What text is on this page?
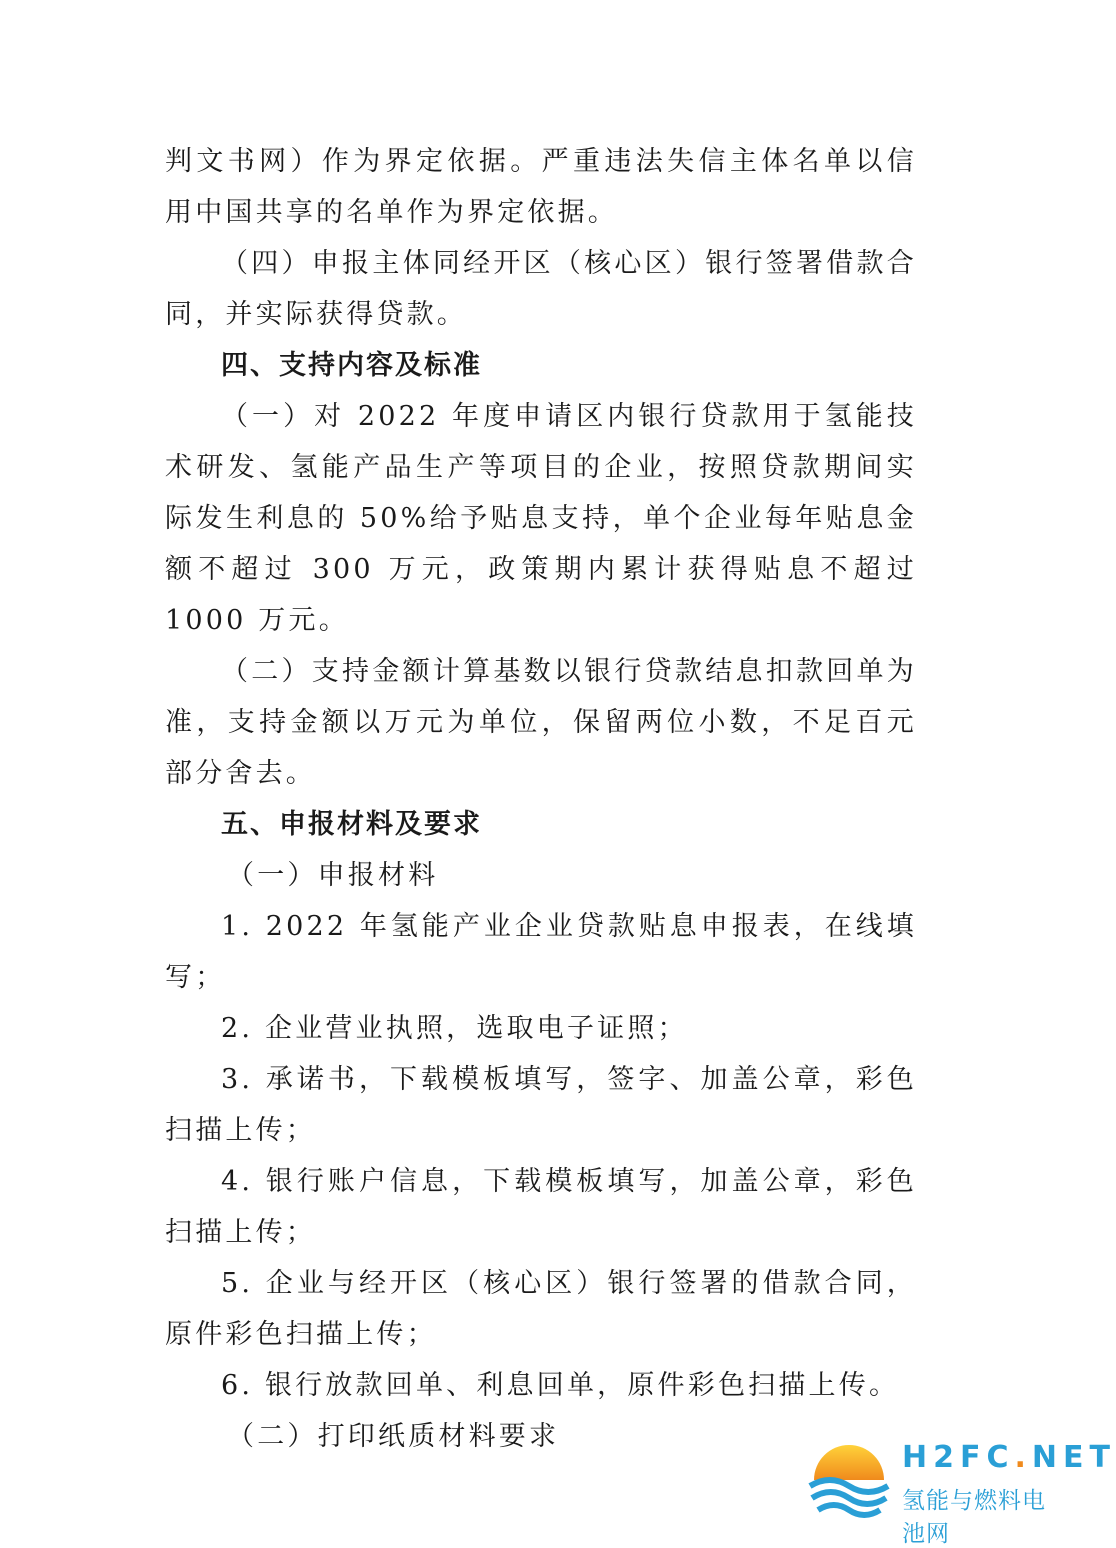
判文书网）作为界定依据。严重违法失信主体名单以信用中国共享的名单作为界定依据。

（四）申报主体同经开区（核心区）银行签署借款合同，并实际获得贷款。

四、支持内容及标准

（一）对 2022 年度申请区内银行贷款用于氢能技术研发、氢能产品生产等项目的企业，按照贷款期间实际发生利息的 50%给予贴息支持，单个企业每年贴息金额不超过 300 万元，政策期内累计获得贴息不超过 1000 万元。

（二）支持金额计算基数以银行贷款结息扣款回单为准，支持金额以万元为单位，保留两位小数，不足百元部分舍去。

五、申报材料及要求

（一）申报材料

1. 2022 年氢能产业企业贷款贴息申报表，在线填写；

2. 企业营业执照，选取电子证照；

3. 承诺书，下载模板填写，签字、加盖公章，彩色扫描上传；

4. 银行账户信息，下载模板填写，加盖公章，彩色扫描上传；

5. 企业与经开区（核心区）银行签署的借款合同，原件彩色扫描上传；

6. 银行放款回单、利息回单，原件彩色扫描上传。

（二）打印纸质材料要求

H2FC.NET
氢能与燃料电池网
